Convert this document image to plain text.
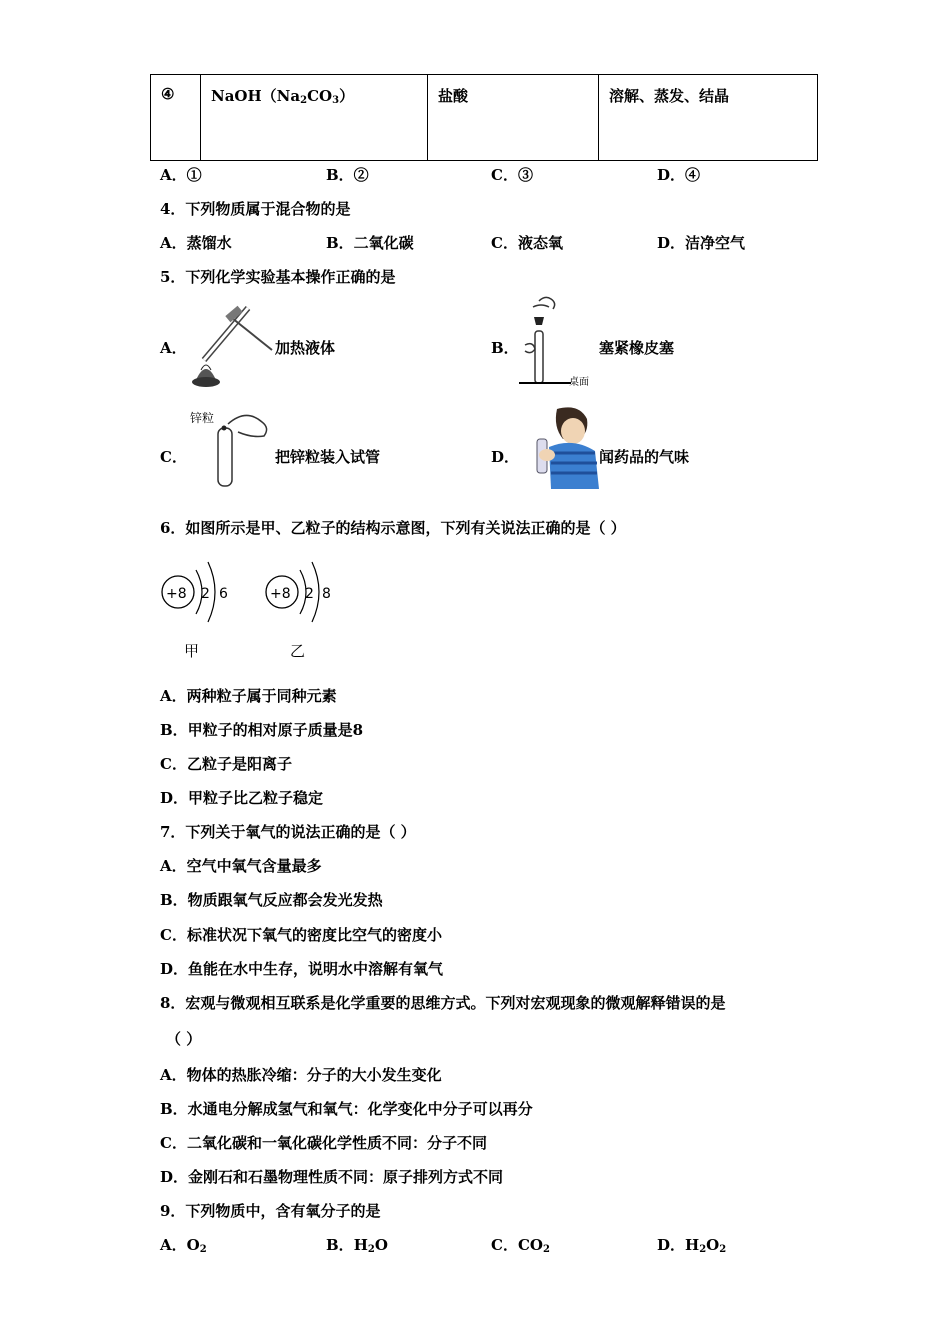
④	$NaOH(Na_2CO_3)$	盐酸	溶解、蒸发、结晶
A．①	B．②	C．③	D．④
4．下列物质属于混合物的是
A．蒸馏水	B．二氧化碳	C．液态氧	D．洁净空气
5．下列化学实验基本操作正确的是
A．	加热液体	B．
桌面
塞紧橡皮塞
C．
锌粒
把锌粒装入试管	D．	闻药品的气味
6．如图所示是甲、乙粒子的结构示意图，下列有关说法正确的是（ ）
+8 2 6
甲
+8 2 8
乙
A．两种粒子属于同种元素
B．甲粒子的相对原子质量是8
C．乙粒子是阳离子
D．甲粒子比乙粒子稳定
7．下列关于氧气的说法正确的是（ ）
A．空气中氧气含量最多
B．物质跟氧气反应都会发光发热
C．标准状况下氧气的密度比空气的密度小
D．鱼能在水中生存，说明水中溶解有氧气
8．宏观与微观相互联系是化学重要的思维方式。下列对宏观现象的微观解释错误的是
（ ）
A．物体的热胀冷缩：分子的大小发生变化
B．水通电分解成氢气和氧气：化学变化中分子可以再分
C．二氧化碳和一氧化碳化学性质不同：分子不同
D．金刚石和石墨物理性质不同：原子排列方式不同
9．下列物质中，含有氧分子的是
A．$O_2$	B．$H_2O$	C．$CO_2$	D．$H_2O_2$
